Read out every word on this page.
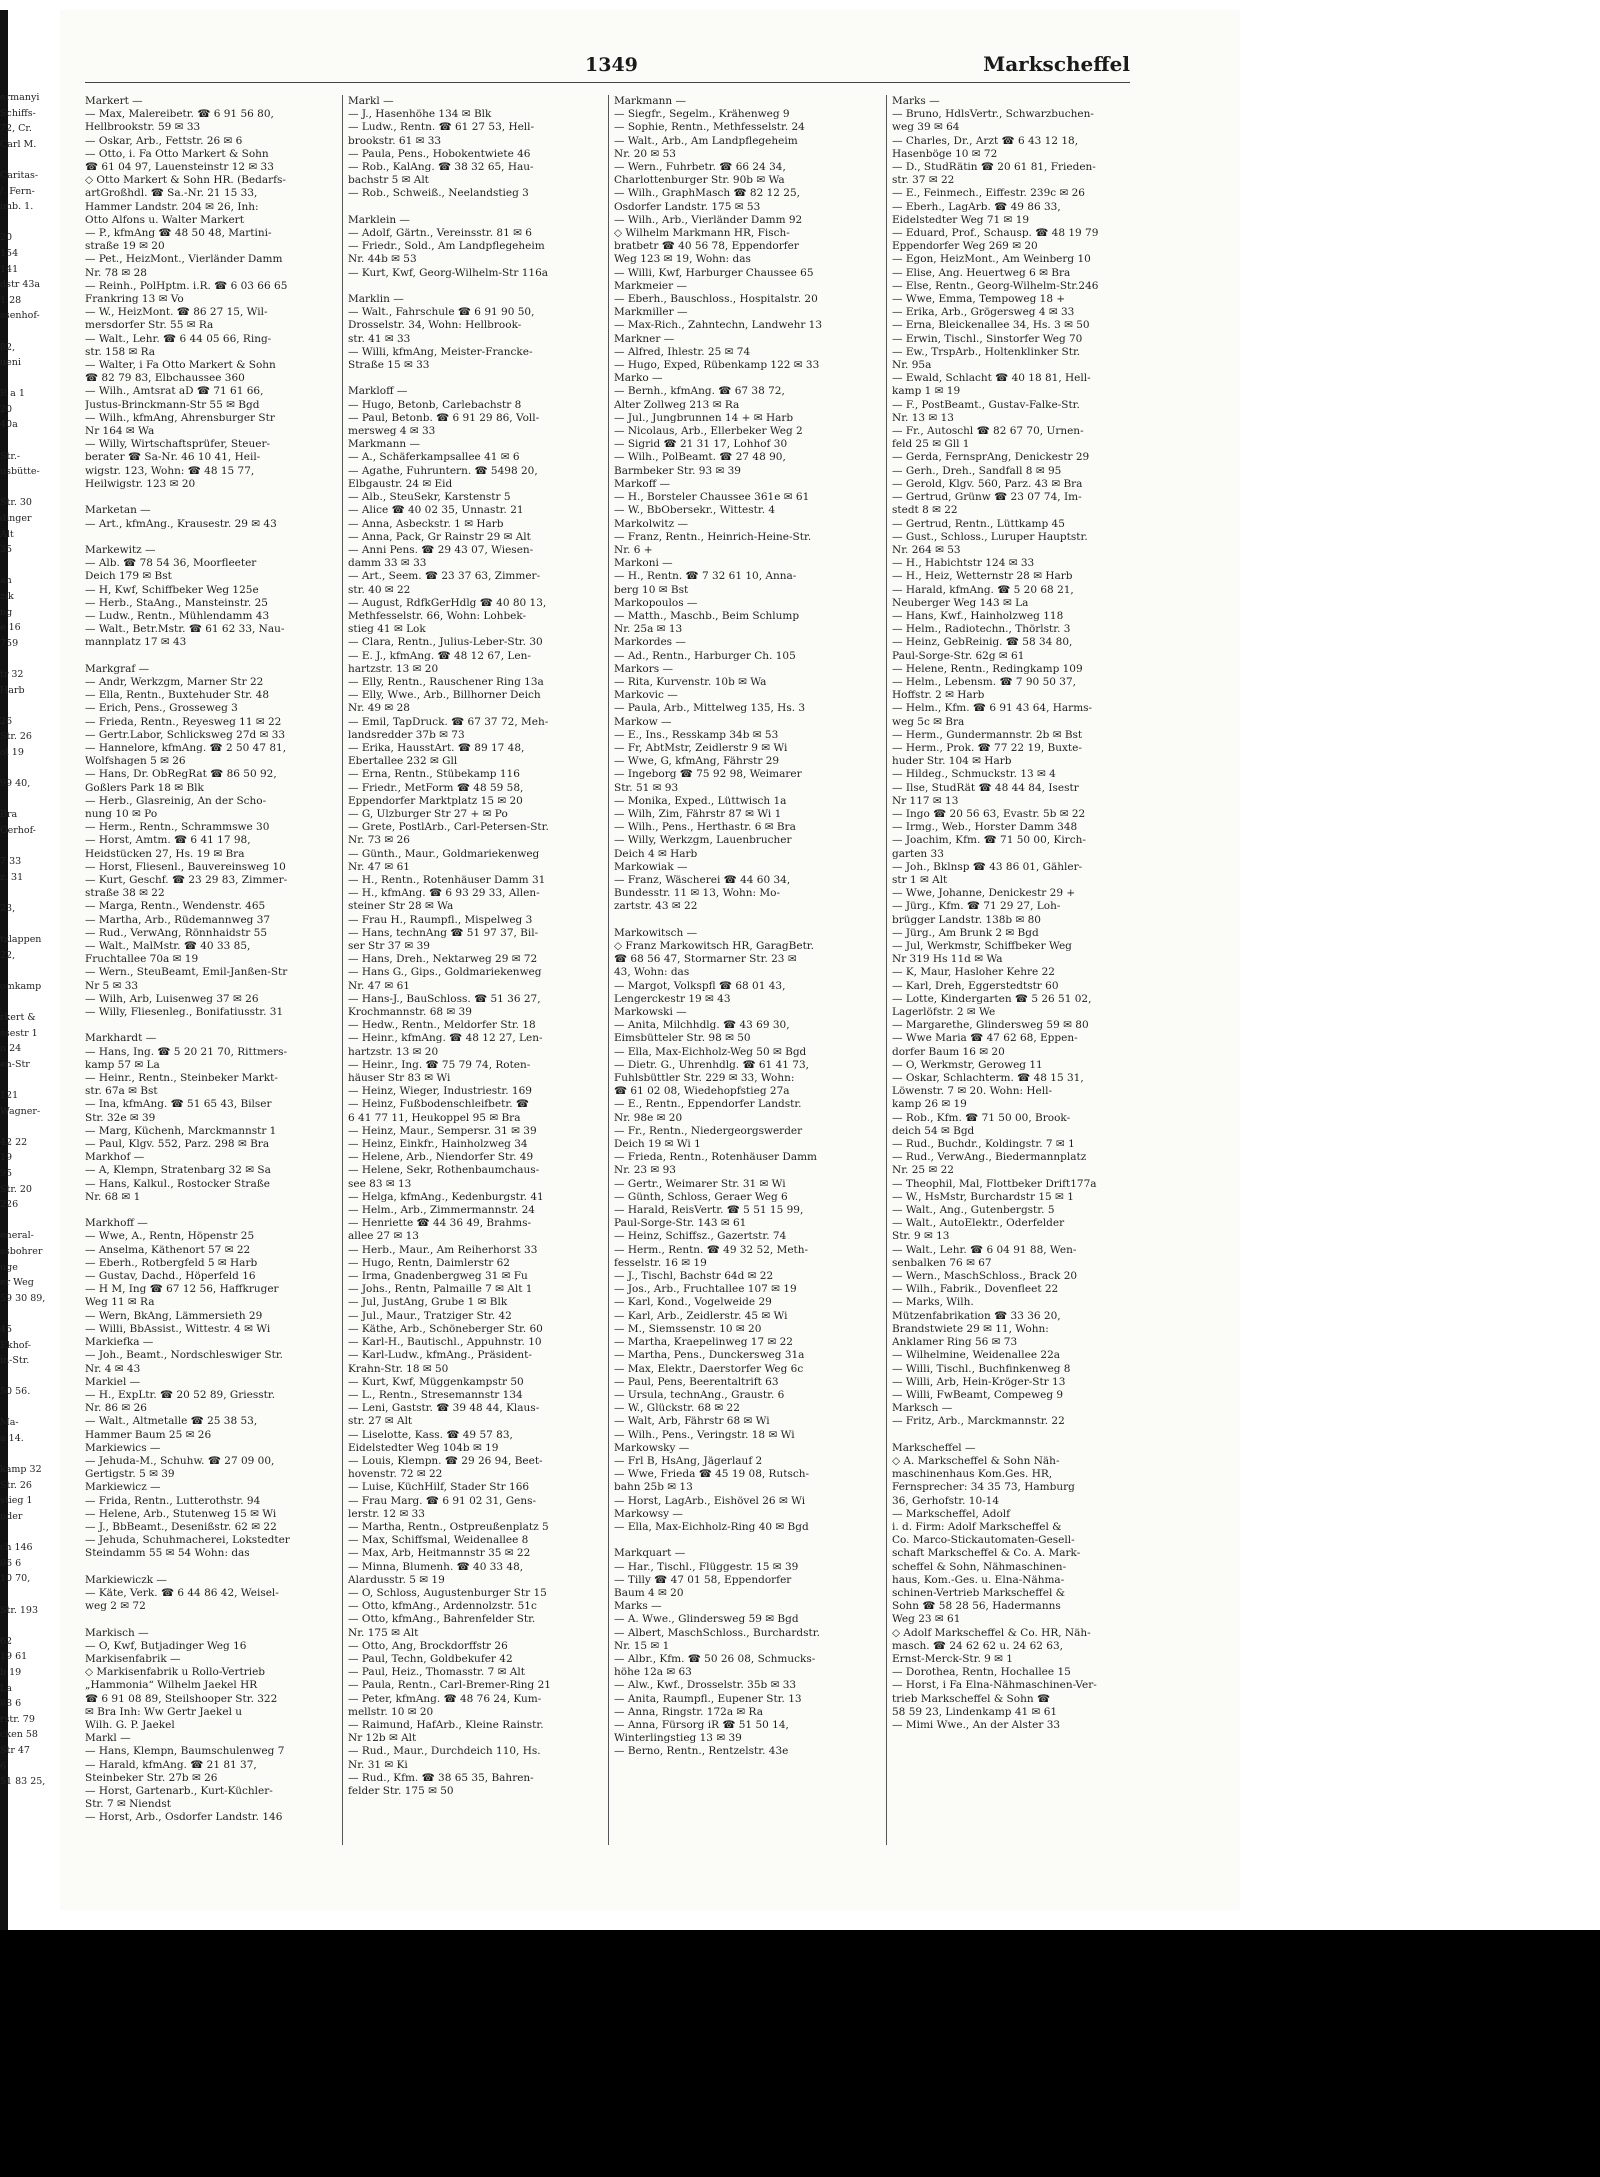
ermanyi
Schiffs-
72, Cr.
Carl M.

Caritas-
/. Fern-
imb. 1.

20
154
141
dstr 43a
1 28
ssenhof-

82,
ueni

R a 1
20
40a

Str.-
usbütte-

Str. 30
dinger
Alt
35

an
zik
ng
e 16
759

tr 32
Harb

26
Str. 26
ol 19

99 40,

Bra
Gerhof-

7 33
z. 31

23,

tzlappen
22,

omkamp

rkert &
ssestr 1
n 24
en-Str

121
Wagner-

42 22
19
95
Str. 20
226

eneral-
ssbohrer
uge
er Weg
59 30 89,

45
Ekhof-
in-Str.

50 56.

Ma-
a 14.

kamp 32
Str. 26
stieg 1
nder

ch 146
86 6
10 70,

Str. 193

62
19 61
b 19
La
88 6
rstr. 79
cken 58
Str 47
6
51 83 25,
1349	Markscheffel
Markert —
— Max, Malereibetr. ☎ 6 91 56 80,
Hellbrookstr. 59 ✉ 33
— Oskar, Arb., Fettstr. 26 ✉ 6
— Otto, i. Fa Otto Markert & Sohn
☎ 61 04 97, Lauensteinstr 12 ✉ 33
◇ Otto Markert & Sohn HR. (Bedarfs-
artGroßhdl. ☎ Sa.-Nr. 21 15 33,
Hammer Landstr. 204 ✉ 26, Inh:
Otto Alfons u. Walter Markert
— P., kfmAng ☎ 48 50 48, Martini-
straße 19 ✉ 20
— Pet., HeizMont., Vierländer Damm
Nr. 78 ✉ 28
— Reinh., PolHptm. i.R. ☎ 6 03 66 65
Frankring 13 ✉ Vo
— W., HeizMont. ☎ 86 27 15, Wil-
mersdorfer Str. 55 ✉ Ra
— Walt., Lehr. ☎ 6 44 05 66, Ring-
str. 158 ✉ Ra
— Walter, i Fa Otto Markert & Sohn
☎ 82 79 83, Elbchaussee 360
— Wilh., Amtsrat aD ☎ 71 61 66,
Justus-Brinckmann-Str 55 ✉ Bgd
— Wilh., kfmAng, Ahrensburger Str
Nr 164 ✉ Wa
— Willy, Wirtschaftsprüfer, Steuer-
berater ☎ Sa-Nr. 46 10 41, Heil-
wigstr. 123, Wohn: ☎ 48 15 77,
Heilwigstr. 123 ✉ 20

Marketan —
— Art., kfmAng., Krausestr. 29 ✉ 43

Markewitz —
— Alb. ☎ 78 54 36, Moorfleeter
Deich 179 ✉ Bst
— H, Kwf, Schiffbeker Weg 125e
— Herb., StaAng., Mansteinstr. 25
— Ludw., Rentn., Mühlendamm 43
— Walt., Betr.Mstr. ☎ 61 62 33, Nau-
mannplatz 17 ✉ 43

Markgraf —
— Andr, Werkzgm, Marner Str 22
— Ella, Rentn., Buxtehuder Str. 48
— Erich, Pens., Grosseweg 3
— Frieda, Rentn., Reyesweg 11 ✉ 22
— Gertr.Labor, Schlicksweg 27d ✉ 33
— Hannelore, kfmAng. ☎ 2 50 47 81,
Wolfshagen 5 ✉ 26
— Hans, Dr. ObRegRat ☎ 86 50 92,
Goßlers Park 18 ✉ Blk
— Herb., Glasreinig, An der Scho-
nung 10 ✉ Po
— Herm., Rentn., Schrammswe 30
— Horst, Amtm. ☎ 6 41 17 98,
Heidstücken 27, Hs. 19 ✉ Bra
— Horst, Fliesenl., Bauvereinsweg 10
— Kurt, Geschf. ☎ 23 29 83, Zimmer-
straße 38 ✉ 22
— Marga, Rentn., Wendenstr. 465
— Martha, Arb., Rüdemannweg 37
— Rud., VerwAng, Rönnhaidstr 55
— Walt., MalMstr. ☎ 40 33 85,
Fruchtallee 70a ✉ 19
— Wern., SteuBeamt, Emil-Janßen-Str
Nr 5 ✉ 33
— Wilh, Arb, Luisenweg 37 ✉ 26
— Willy, Fliesenleg., Bonifatiusstr. 31

Markhardt —
— Hans, Ing. ☎ 5 20 21 70, Rittmers-
kamp 57 ✉ La
— Heinr., Rentn., Steinbeker Markt-
str. 67a ✉ Bst
— Ina, kfmAng. ☎ 51 65 43, Bilser
Str. 32e ✉ 39
— Marg, Küchenh, Marckmannstr 1
— Paul, Klgv. 552, Parz. 298 ✉ Bra
Markhof —
— A, Klempn, Stratenbarg 32 ✉ Sa
— Hans, Kalkul., Rostocker Straße
Nr. 68 ✉ 1

Markhoff —
— Wwe, A., Rentn, Höpenstr 25
— Anselma, Käthenort 57 ✉ 22
— Eberh., Rotbergfeld 5 ✉ Harb
— Gustav, Dachd., Höperfeld 16
— H M, Ing ☎ 67 12 56, Haffkruger
Weg 11 ✉ Ra
— Wern, BkAng, Lämmersieth 29
— Willi, BbAssist., Wittestr. 4 ✉ Wi
Markiefka —
— Joh., Beamt., Nordschleswiger Str.
Nr. 4 ✉ 43
Markiel —
— H., ExpLtr. ☎ 20 52 89, Griesstr.
Nr. 86 ✉ 26
— Walt., Altmetalle ☎ 25 38 53,
Hammer Baum 25 ✉ 26
Markiewics —
— Jehuda-M., Schuhw. ☎ 27 09 00,
Gertigstr. 5 ✉ 39
Markiewicz —
— Frida, Rentn., Lutterothstr. 94
— Helene, Arb., Stutenweg 15 ✉ Wi
— J., BbBeamt., Desenißstr. 62 ✉ 22
— Jehuda, Schuhmacherei, Lokstedter
Steindamm 55 ✉ 54 Wohn: das

Markiewiczk —
— Käte, Verk. ☎ 6 44 86 42, Weisel-
weg 2 ✉ 72

Markisch —
— O, Kwf, Butjadinger Weg 16
Markisenfabrik —
◇ Markisenfabrik u Rollo-Vertrieb
„Hammonia“ Wilhelm Jaekel HR
☎ 6 91 08 89, Steilshooper Str. 322
✉ Bra Inh: Ww Gertr Jaekel u
Wilh. G. P. Jaekel
Markl —
— Hans, Klempn, Baumschulenweg 7
— Harald, kfmAng. ☎ 21 81 37,
Steinbeker Str. 27b ✉ 26
— Horst, Gartenarb., Kurt-Küchler-
Str. 7 ✉ Niendst
— Horst, Arb., Osdorfer Landstr. 146
Markl —
— J., Hasenhöhe 134 ✉ Blk
— Ludw., Rentn. ☎ 61 27 53, Hell-
brookstr. 61 ✉ 33
— Paula, Pens., Hobokentwiete 46
— Rob., KalAng. ☎ 38 32 65, Hau-
bachstr 5 ✉ Alt
— Rob., Schweiß., Neelandstieg 3

Marklein —
— Adolf, Gärtn., Vereinsstr. 81 ✉ 6
— Friedr., Sold., Am Landpflegeheim
Nr. 44b ✉ 53
— Kurt, Kwf, Georg-Wilhelm-Str 116a

Marklin —
— Walt., Fahrschule ☎ 6 91 90 50,
Drosselstr. 34, Wohn: Hellbrook-
str. 41 ✉ 33
— Willi, kfmAng, Meister-Francke-
Straße 15 ✉ 33

Markloff —
— Hugo, Betonb, Carlebachstr 8
— Paul, Betonb. ☎ 6 91 29 86, Voll-
mersweg 4 ✉ 33
Markmann —
— A., Schäferkampsallee 41 ✉ 6
— Agathe, Fuhruntern. ☎ 5498 20,
Elbgaustr. 24 ✉ Eid
— Alb., SteuSekr, Karstenstr 5
— Alice ☎ 40 02 35, Unnastr. 21
— Anna, Asbeckstr. 1 ✉ Harb
— Anna, Pack, Gr Rainstr 29 ✉ Alt
— Anni Pens. ☎ 29 43 07, Wiesen-
damm 33 ✉ 33
— Art., Seem. ☎ 23 37 63, Zimmer-
str. 40 ✉ 22
— August, RdfkGerHdlg ☎ 40 80 13,
Methfesselstr. 66, Wohn: Lohbek-
stieg 41 ✉ Lok
— Clara, Rentn., Julius-Leber-Str. 30
— E. J., kfmAng. ☎ 48 12 67, Len-
hartzstr. 13 ✉ 20
— Elly, Rentn., Rauschener Ring 13a
— Elly, Wwe., Arb., Billhorner Deich
Nr. 49 ✉ 28
— Emil, TapDruck. ☎ 67 37 72, Meh-
landsredder 37b ✉ 73
— Erika, HausstArt. ☎ 89 17 48,
Ebertallee 232 ✉ Gll
— Erna, Rentn., Stübekamp 116
— Friedr., MetForm ☎ 48 59 58,
Eppendorfer Marktplatz 15 ✉ 20
— G, Ulzburger Str 27 + ✉ Po
— Grete, PostlArb., Carl-Petersen-Str.
Nr. 73 ✉ 26
— Günth., Maur., Goldmariekenweg
Nr. 47 ✉ 61
— H., Rentn., Rotenhäuser Damm 31
— H., kfmAng. ☎ 6 93 29 33, Allen-
steiner Str 28 ✉ Wa
— Frau H., Raumpfl., Mispelweg 3
— Hans, technAng ☎ 51 97 37, Bil-
ser Str 37 ✉ 39
— Hans, Dreh., Nektarweg 29 ✉ 72
— Hans G., Gips., Goldmariekenweg
Nr. 47 ✉ 61
— Hans-J., BauSchloss. ☎ 51 36 27,
Krochmannstr. 68 ✉ 39
— Hedw., Rentn., Meldorfer Str. 18
— Heinr., kfmAng. ☎ 48 12 27, Len-
hartzstr. 13 ✉ 20
— Heinr., Ing. ☎ 75 79 74, Roten-
häuser Str 83 ✉ Wi
— Heinz, Wieger, Industriestr. 169
— Heinz, Fußbodenschleifbetr. ☎
6 41 77 11, Heukoppel 95 ✉ Bra
— Heinz, Maur., Sempersr. 31 ✉ 39
— Heinz, Einkfr., Hainholzweg 34
— Helene, Arb., Niendorfer Str. 49
— Helene, Sekr, Rothenbaumchaus-
see 83 ✉ 13
— Helga, kfmAng., Kedenburgstr. 41
— Helm., Arb., Zimmermannstr. 24
— Henriette ☎ 44 36 49, Brahms-
allee 27 ✉ 13
— Herb., Maur., Am Reiherhorst 33
— Hugo, Rentn, Daimlerstr 62
— Irma, Gnadenbergweg 31 ✉ Fu
— Johs., Rentn, Palmaille 7 ✉ Alt 1
— Jul, JustAng, Grube 1 ✉ Blk
— Jul., Maur., Tratziger Str. 42
— Käthe, Arb., Schöneberger Str. 60
— Karl-H., Bautischl., Appuhnstr. 10
— Karl-Ludw., kfmAng., Präsident-
Krahn-Str. 18 ✉ 50
— Kurt, Kwf, Müggenkampstr 50
— L., Rentn., Stresemannstr 134
— Leni, Gaststr. ☎ 39 48 44, Klaus-
str. 27 ✉ Alt
— Liselotte, Kass. ☎ 49 57 83,
Eidelstedter Weg 104b ✉ 19
— Louis, Klempn. ☎ 29 26 94, Beet-
hovenstr. 72 ✉ 22
— Luise, KüchHilf, Stader Str 166
— Frau Marg. ☎ 6 91 02 31, Gens-
lerstr. 12 ✉ 33
— Martha, Rentn., Ostpreußenplatz 5
— Max, Schiffsmal, Weidenallee 8
— Max, Arb, Heitmannstr 35 ✉ 22
— Minna, Blumenh. ☎ 40 33 48,
Alardusstr. 5 ✉ 19
— O, Schloss, Augustenburger Str 15
— Otto, kfmAng., Ardennolzstr. 51c
— Otto, kfmAng., Bahrenfelder Str.
Nr. 175 ✉ Alt
— Otto, Ang, Brockdorffstr 26
— Paul, Techn, Goldbekufer 42
— Paul, Heiz., Thomasstr. 7 ✉ Alt
— Paula, Rentn., Carl-Bremer-Ring 21
— Peter, kfmAng. ☎ 48 76 24, Kum-
mellstr. 10 ✉ 20
— Raimund, HafArb., Kleine Rainstr.
Nr 12b ✉ Alt
— Rud., Maur., Durchdeich 110, Hs.
Nr. 31 ✉ Ki
— Rud., Kfm. ☎ 38 65 35, Bahren-
felder Str. 175 ✉ 50
Markmann —
— Siegfr., Segelm., Krähenweg 9
— Sophie, Rentn., Methfesselstr. 24
— Walt., Arb., Am Landpflegeheim
Nr. 20 ✉ 53
— Wern., Fuhrbetr. ☎ 66 24 34,
Charlottenburger Str. 90b ✉ Wa
— Wilh., GraphMasch ☎ 82 12 25,
Osdorfer Landstr. 175 ✉ 53
— Wilh., Arb., Vierländer Damm 92
◇ Wilhelm Markmann HR, Fisch-
bratbetr ☎ 40 56 78, Eppendorfer
Weg 123 ✉ 19, Wohn: das
— Willi, Kwf, Harburger Chaussee 65
Markmeier —
— Eberh., Bauschloss., Hospitalstr. 20
Markmiller —
— Max-Rich., Zahntechn, Landwehr 13
Markner —
— Alfred, Ihlestr. 25 ✉ 74
— Hugo, Exped, Rübenkamp 122 ✉ 33
Marko —
— Bernh., kfmAng. ☎ 67 38 72,
Alter Zollweg 213 ✉ Ra
— Jul., Jungbrunnen 14 + ✉ Harb
— Nicolaus, Arb., Ellerbeker Weg 2
— Sigrid ☎ 21 31 17, Lohhof 30
— Wilh., PolBeamt. ☎ 27 48 90,
Barmbeker Str. 93 ✉ 39
Markoff —
— H., Borsteler Chaussee 361e ✉ 61
— W., BbObersekr., Wittestr. 4
Markolwitz —
— Franz, Rentn., Heinrich-Heine-Str.
Nr. 6 +
Markoni —
— H., Rentn. ☎ 7 32 61 10, Anna-
berg 10 ✉ Bst
Markopoulos —
— Matth., Maschb., Beim Schlump
Nr. 25a ✉ 13
Markordes —
— Ad., Rentn., Harburger Ch. 105
Markors —
— Rita, Kurvenstr. 10b ✉ Wa
Markovic —
— Paula, Arb., Mittelweg 135, Hs. 3
Markow —
— E., Ins., Resskamp 34b ✉ 53
— Fr, AbtMstr, Zeidlerstr 9 ✉ Wi
— Wwe, G, kfmAng, Fährstr 29
— Ingeborg ☎ 75 92 98, Weimarer
Str. 51 ✉ 93
— Monika, Exped., Lüttwisch 1a
— Wilh, Zim, Fährstr 87 ✉ Wi 1
— Wilh., Pens., Herthastr. 6 ✉ Bra
— Willy, Werkzgm, Lauenbrucher
Deich 4 ✉ Harb
Markowiak —
— Franz, Wäscherei ☎ 44 60 34,
Bundesstr. 11 ✉ 13, Wohn: Mo-
zartstr. 43 ✉ 22

Markowitsch —
◇ Franz Markowitsch HR, GaragBetr.
☎ 68 56 47, Stormarner Str. 23 ✉
43, Wohn: das
— Margot, Volkspfl ☎ 68 01 43,
Lengerckestr 19 ✉ 43
Markowski —
— Anita, Milchhdlg. ☎ 43 69 30,
Eimsbütteler Str. 98 ✉ 50
— Ella, Max-Eichholz-Weg 50 ✉ Bgd
— Dietr. G., Uhrenhdlg. ☎ 61 41 73,
Fuhlsbüttler Str. 229 ✉ 33, Wohn:
☎ 61 02 08, Wiedehopfstieg 27a
— E., Rentn., Eppendorfer Landstr.
Nr. 98e ✉ 20
— Fr., Rentn., Niedergeorgswerder
Deich 19 ✉ Wi 1
— Frieda, Rentn., Rotenhäuser Damm
Nr. 23 ✉ 93
— Gertr., Weimarer Str. 31 ✉ Wi
— Günth, Schloss, Geraer Weg 6
— Harald, ReisVertr. ☎ 5 51 15 99,
Paul-Sorge-Str. 143 ✉ 61
— Heinz, Schiffsz., Gazertstr. 74
— Herm., Rentn. ☎ 49 32 52, Meth-
fesselstr. 16 ✉ 19
— J., Tischl, Bachstr 64d ✉ 22
— Jos., Arb., Fruchtallee 107 ✉ 19
— Karl, Kond., Vogelweide 29
— Karl, Arb., Zeidlerstr. 45 ✉ Wi
— M., Siemssenstr. 10 ✉ 20
— Martha, Kraepelinweg 17 ✉ 22
— Martha, Pens., Dunckersweg 31a
— Max, Elektr., Daerstorfer Weg 6c
— Paul, Pens, Beerentaltrift 63
— Ursula, technAng., Graustr. 6
— W., Glückstr. 68 ✉ 22
— Walt, Arb, Fährstr 68 ✉ Wi
— Wilh., Pens., Veringstr. 18 ✉ Wi
Markowsky —
— Frl B, HsAng, Jägerlauf 2
— Wwe, Frieda ☎ 45 19 08, Rutsch-
bahn 25b ✉ 13
— Horst, LagArb., Eishövel 26 ✉ Wi
Markowsy —
— Ella, Max-Eichholz-Ring 40 ✉ Bgd

Markquart —
— Har., Tischl., Flüggestr. 15 ✉ 39
— Tilly ☎ 47 01 58, Eppendorfer
Baum 4 ✉ 20
Marks —
— A. Wwe., Glindersweg 59 ✉ Bgd
— Albert, MaschSchloss., Burchardstr.
Nr. 15 ✉ 1
— Albr., Kfm. ☎ 50 26 08, Schmucks-
höhe 12a ✉ 63
— Alw., Kwf., Drosselstr. 35b ✉ 33
— Anita, Raumpfl., Eupener Str. 13
— Anna, Ringstr. 172a ✉ Ra
— Anna, Fürsorg iR ☎ 51 50 14,
Winterlingstieg 13 ✉ 39
— Berno, Rentn., Rentzelstr. 43e
Marks —
— Bruno, HdlsVertr., Schwarzbuchen-
weg 39 ✉ 64
— Charles, Dr., Arzt ☎ 6 43 12 18,
Hasenböge 10 ✉ 72
— D., StudRätin ☎ 20 61 81, Frieden-
str. 37 ✉ 22
— E., Feinmech., Eiffestr. 239c ✉ 26
— Eberh., LagArb. ☎ 49 86 33,
Eidelstedter Weg 71 ✉ 19
— Eduard, Prof., Schausp. ☎ 48 19 79
Eppendorfer Weg 269 ✉ 20
— Egon, HeizMont., Am Weinberg 10
— Elise, Ang. Heuertweg 6 ✉ Bra
— Else, Rentn., Georg-Wilhelm-Str.246
— Wwe, Emma, Tempoweg 18 +
— Erika, Arb., Grögersweg 4 ✉ 33
— Erna, Bleickenallee 34, Hs. 3 ✉ 50
— Erwin, Tischl., Sinstorfer Weg 70
— Ew., TrspArb., Holtenklinker Str.
Nr. 95a
— Ewald, Schlacht ☎ 40 18 81, Hell-
kamp 1 ✉ 19
— F., PostBeamt., Gustav-Falke-Str.
Nr. 13 ✉ 13
— Fr., Autoschl ☎ 82 67 70, Urnen-
feld 25 ✉ Gll 1
— Gerda, FernsprAng, Denickestr 29
— Gerh., Dreh., Sandfall 8 ✉ 95
— Gerold, Klgv. 560, Parz. 43 ✉ Bra
— Gertrud, Grünw ☎ 23 07 74, Im-
stedt 8 ✉ 22
— Gertrud, Rentn., Lüttkamp 45
— Gust., Schloss., Luruper Hauptstr.
Nr. 264 ✉ 53
— H., Habichtstr 124 ✉ 33
— H., Heiz, Wetternstr 28 ✉ Harb
— Harald, kfmAng. ☎ 5 20 68 21,
Neuberger Weg 143 ✉ La
— Hans, Kwf., Hainholzweg 118
— Helm., Radiotechn., Thörlstr. 3
— Heinz, GebReinig. ☎ 58 34 80,
Paul-Sorge-Str. 62g ✉ 61
— Helene, Rentn., Redingkamp 109
— Helm., Lebensm. ☎ 7 90 50 37,
Hoffstr. 2 ✉ Harb
— Helm., Kfm. ☎ 6 91 43 64, Harms-
weg 5c ✉ Bra
— Herm., Gundermannstr. 2b ✉ Bst
— Herm., Prok. ☎ 77 22 19, Buxte-
huder Str. 104 ✉ Harb
— Hildeg., Schmuckstr. 13 ✉ 4
— Ilse, StudRät ☎ 48 44 84, Isestr
Nr 117 ✉ 13
— Ingo ☎ 20 56 63, Evastr. 5b ✉ 22
— Irmg., Web., Horster Damm 348
— Joachim, Kfm. ☎ 71 50 00, Kirch-
garten 33
— Joh., Bklnsp ☎ 43 86 01, Gähler-
str 1 ✉ Alt
— Wwe, Johanne, Denickestr 29 +
— Jürg., Kfm. ☎ 71 29 27, Loh-
brügger Landstr. 138b ✉ 80
— Jürg., Am Brunk 2 ✉ Bgd
— Jul, Werkmstr, Schiffbeker Weg
Nr 319 Hs 11d ✉ Wa
— K, Maur, Hasloher Kehre 22
— Karl, Dreh, Eggerstedtstr 60
— Lotte, Kindergarten ☎ 5 26 51 02,
Lagerlöfstr. 2 ✉ We
— Margarethe, Glindersweg 59 ✉ 80
— Wwe Maria ☎ 47 62 68, Eppen-
dorfer Baum 16 ✉ 20
— O, Werkmstr, Geroweg 11
— Oskar, Schlachterm. ☎ 48 15 31,
Löwenstr. 7 ✉ 20. Wohn: Hell-
kamp 26 ✉ 19
— Rob., Kfm. ☎ 71 50 00, Brook-
deich 54 ✉ Bgd
— Rud., Buchdr., Koldingstr. 7 ✉ 1
— Rud., VerwAng., Biedermannplatz
Nr. 25 ✉ 22
— Theophil, Mal, Flottbeker Drift177a
— W., HsMstr, Burchardstr 15 ✉ 1
— Walt., Ang., Gutenbergstr. 5
— Walt., AutoElektr., Oderfelder
Str. 9 ✉ 13
— Walt., Lehr. ☎ 6 04 91 88, Wen-
senbalken 76 ✉ 67
— Wern., MaschSchloss., Brack 20
— Wilh., Fabrik., Dovenfleet 22
— Marks, Wilh.
Mützenfabrikation ☎ 33 36 20,
Brandstwiete 29 ✉ 11, Wohn:
Anklamer Ring 56 ✉ 73
— Wilhelmine, Weidenallee 22a
— Willi, Tischl., Buchfinkenweg 8
— Willi, Arb, Hein-Kröger-Str 13
— Willi, FwBeamt, Compeweg 9
Marksch —
— Fritz, Arb., Marckmannstr. 22

Markscheffel —
◇ A. Markscheffel & Sohn Näh-
maschinenhaus Kom.Ges. HR,
Fernsprecher: 34 35 73, Hamburg
36, Gerhofstr. 10-14
— Markscheffel, Adolf
i. d. Firm: Adolf Markscheffel &
Co. Marco-Stickautomaten-Gesell-
schaft Markscheffel & Co. A. Mark-
scheffel & Sohn, Nähmaschinen-
haus, Kom.-Ges. u. Elna-Nähma-
schinen-Vertrieb Markscheffel &
Sohn ☎ 58 28 56, Hadermanns
Weg 23 ✉ 61
◇ Adolf Markscheffel & Co. HR, Näh-
masch. ☎ 24 62 62 u. 24 62 63,
Ernst-Merck-Str. 9 ✉ 1
— Dorothea, Rentn, Hochallee 15
— Horst, i Fa Elna-Nähmaschinen-Ver-
trieb Markscheffel & Sohn ☎
58 59 23, Lindenkamp 41 ✉ 61
— Mimi Wwe., An der Alster 33
